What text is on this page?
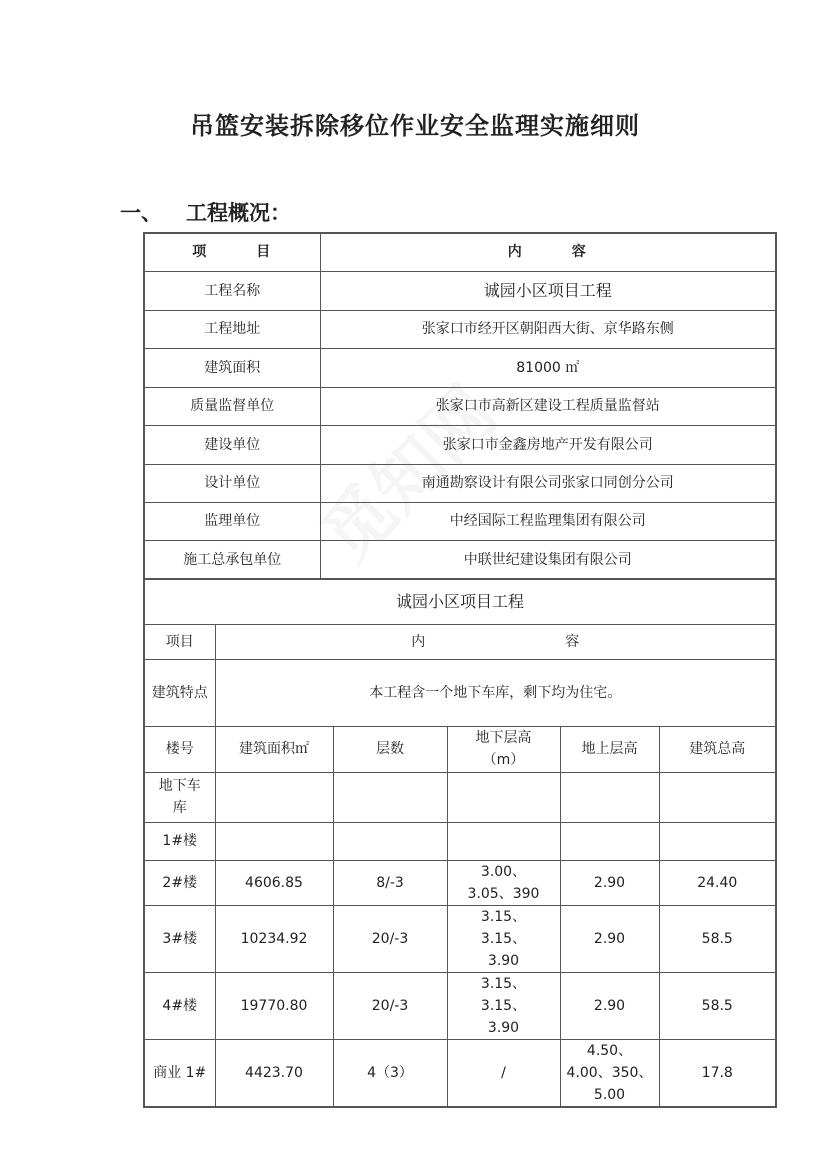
吊篮安装拆除移位作业安全监理实施细则
一、 工程概况：
项　　　目	内　　　容
工程名称	诚园小区项目工程
工程地址	张家口市经开区朝阳西大街、京华路东侧
建筑面积	81000 ㎡
质量监督单位	张家口市高新区建设工程质量监督站
建设单位	张家口市金鑫房地产开发有限公司
设计单位	南通勘察设计有限公司张家口同创分公司
监理单位	中经国际工程监理集团有限公司
施工总承包单位	中联世纪建设集团有限公司
诚园小区项目工程					
项目	内 容				
建筑特点	本工程含一个地下车库，剩下均为住宅。				
楼号	建筑面积㎡	层数	地下层高（m）	地上层高	建筑总高
地下车库					
1#楼					
2#楼	4606.85	8/-3	3.00、3.05、390	2.90	24.40
3#楼	10234.92	20/-3	3.15、3.15、3.90	2.90	58.5
4#楼	19770.80	20/-3	3.15、3.15、3.90	2.90	58.5
商业 1#	4423.70	4（3）	/	4.50、4.00、350、5.00	17.8
